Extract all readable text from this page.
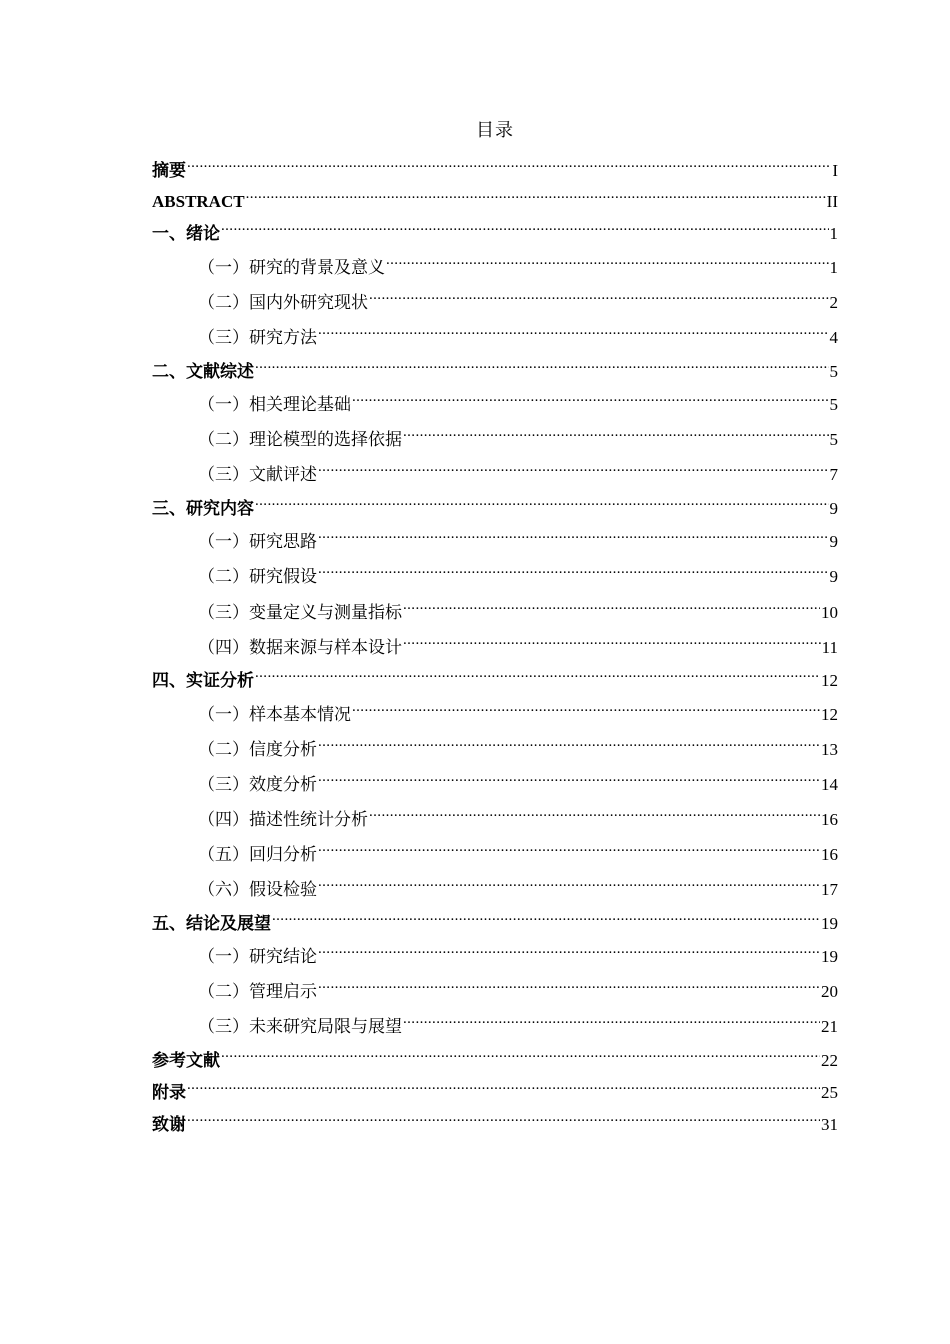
目录
摘要 .....	I
ABSTRACT .....	II
一、绪论 .....	1
（一）研究的背景及意义 .....	1
（二）国内外研究现状 .....	2
（三）研究方法 .....	4
二、文献综述 .....	5
（一）相关理论基础 .....	5
（二）理论模型的选择依据 .....	5
（三）文献评述 .....	7
三、研究内容 .....	9
（一）研究思路 .....	9
（二）研究假设 .....	9
（三）变量定义与测量指标 .....	10
（四）数据来源与样本设计 .....	11
四、实证分析 .....	12
（一）样本基本情况 .....	12
（二）信度分析 .....	13
（三）效度分析 .....	14
（四）描述性统计分析 .....	16
（五）回归分析 .....	16
（六）假设检验 .....	17
五、结论及展望 .....	19
（一）研究结论 .....	19
（二）管理启示 .....	20
（三）未来研究局限与展望 .....	21
参考文献 .....	22
附录 .....	25
致谢 .....	31
